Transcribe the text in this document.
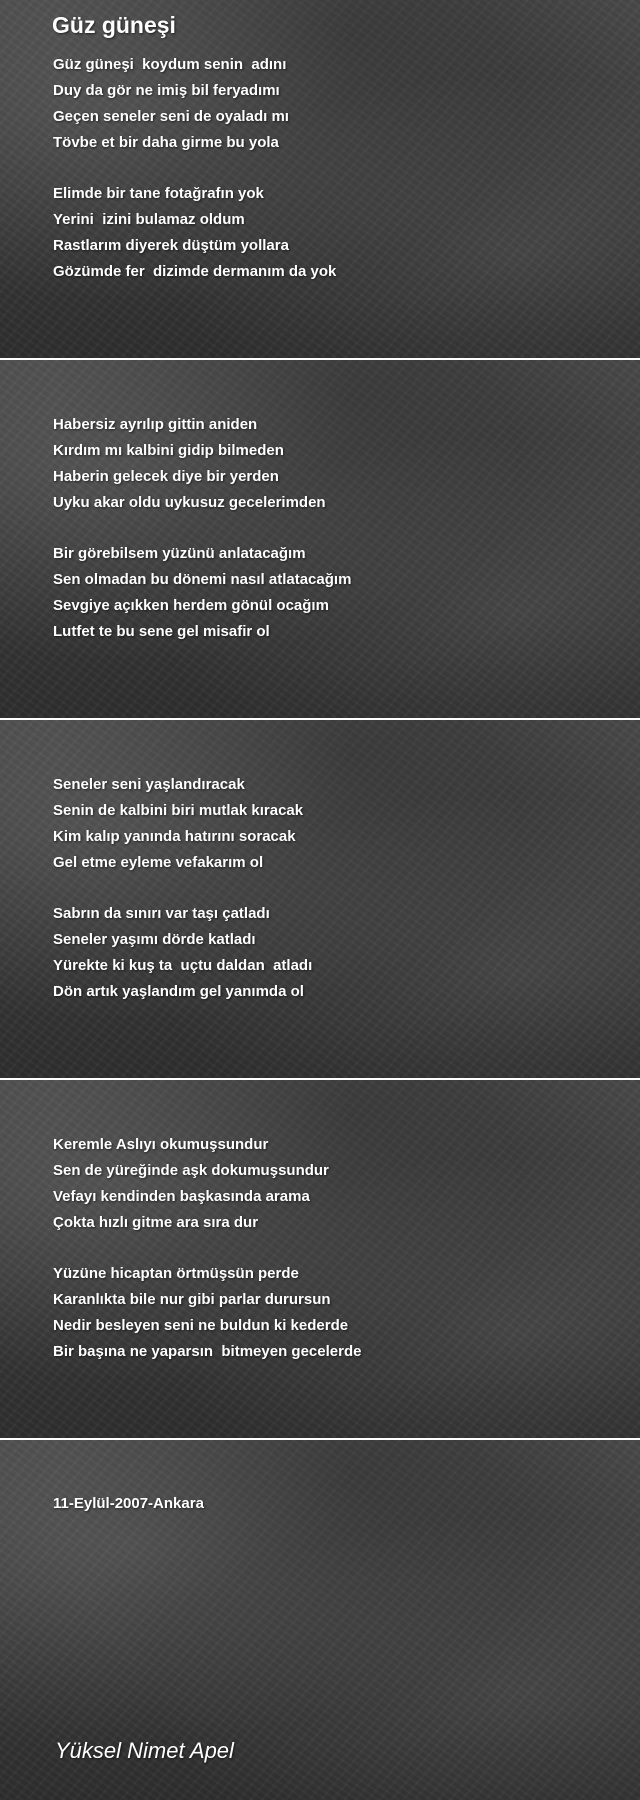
Güz güneşi
Güz güneşi  koydum senin  adını
Duy da gör ne imiş bil feryadımı
Geçen seneler seni de oyaladı mı
Tövbe et bir daha girme bu yola
Elimde bir tane fotağrafın yok
Yerini  izini bulamaz oldum
Rastlarım diyerek düştüm yollara
Gözümde fer  dizimde dermanım da yok
Habersiz ayrılıp gittin aniden
Kırdım mı kalbini gidip bilmeden
Haberin gelecek diye bir yerden
Uyku akar oldu uykusuz gecelerimden
Bir görebilsem yüzünü anlatacağım
Sen olmadan bu dönemi nasıl atlatacağım
Sevgiye açıkken herdem gönül ocağım
Lutfet te bu sene gel misafir ol
Seneler seni yaşlandıracak
Senin de kalbini biri mutlak kıracak
Kim kalıp yanında hatırını soracak
Gel etme eyleme vefakarım ol
Sabrın da sınırı var taşı çatladı
Seneler yaşımı dörde katladı
Yürekte ki kuş ta  uçtu daldan  atladı
Dön artık yaşlandım gel yanımda ol
Keremle Aslıyı okumuşsundur
Sen de yüreğinde aşk dokumuşsundur
Vefayı kendinden başkasında arama
Çokta hızlı gitme ara sıra dur
Yüzüne hicaptan örtmüşsün perde
Karanlıkta bile nur gibi parlar durursun
Nedir besleyen seni ne buldun ki kederde
Bir başına ne yaparsın  bitmeyen gecelerde
11-Eylül-2007-Ankara
Yüksel Nimet Apel
